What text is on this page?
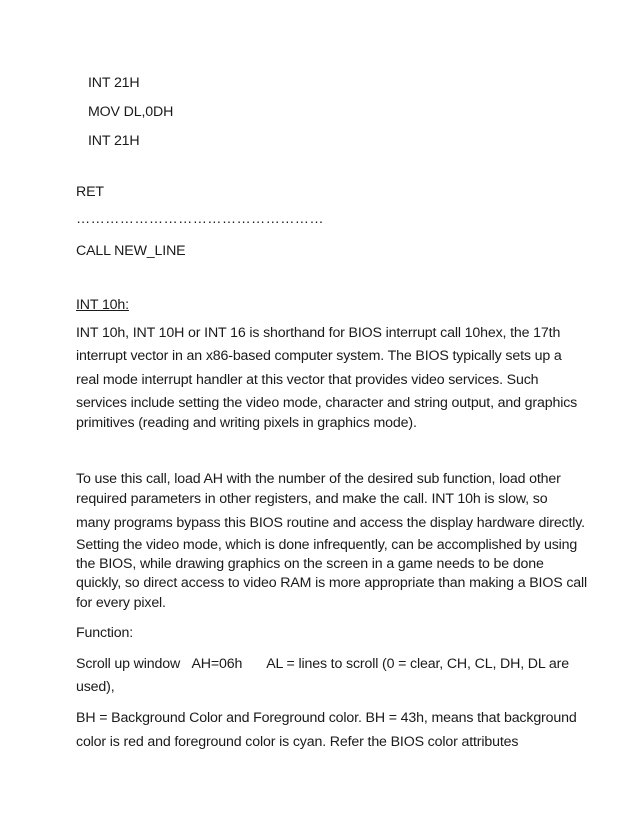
INT 21H
MOV DL,0DH
INT 21H
RET
……………………………………………
CALL NEW_LINE
INT 10h:
INT 10h, INT 10H or INT 16 is shorthand for BIOS interrupt call 10hex, the 17th
interrupt vector in an x86-based computer system. The BIOS typically sets up a
real mode interrupt handler at this vector that provides video services. Such
services include setting the video mode, character and string output, and graphics
primitives (reading and writing pixels in graphics mode).
To use this call, load AH with the number of the desired sub function, load other
required parameters in other registers, and make the call. INT 10h is slow, so
many programs bypass this BIOS routine and access the display hardware directly.
Setting the video mode, which is done infrequently, can be accomplished by using
the BIOS, while drawing graphics on the screen in a game needs to be done
quickly, so direct access to video RAM is more appropriate than making a BIOS call
for every pixel.
Function:
Scroll up window AH=06h AL = lines to scroll (0 = clear, CH, CL, DH, DL are
used),
BH = Background Color and Foreground color. BH = 43h, means that background
color is red and foreground color is cyan. Refer the BIOS color attributes
